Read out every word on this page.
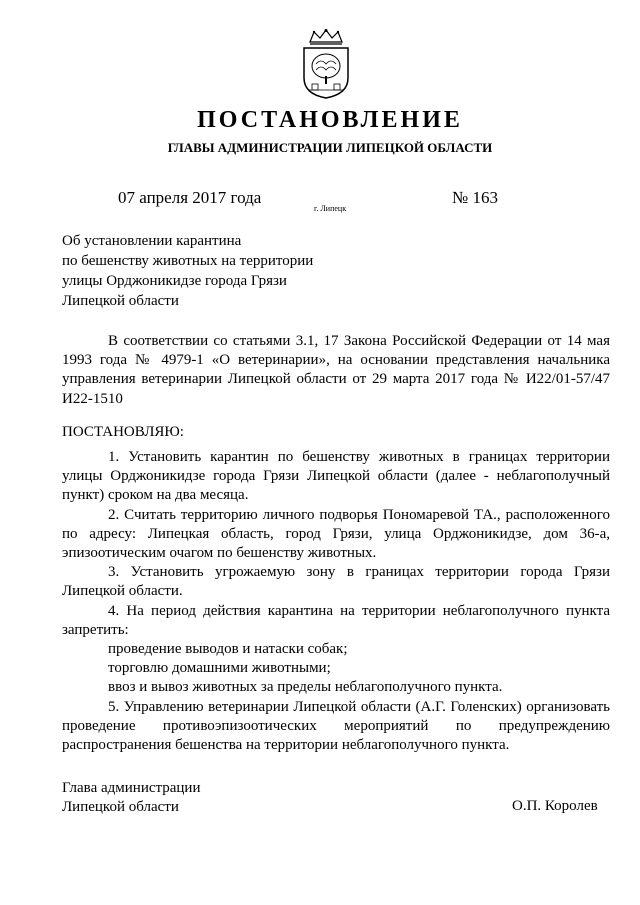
ПОСТАНОВЛЕНИЕ
ГЛАВЫ АДМИНИСТРАЦИИ ЛИПЕЦКОЙ ОБЛАСТИ
07 апреля 2017 года
г. Липецк
№ 163
Об установлении карантина
по бешенству животных на территории
улицы Орджоникидзе города Грязи
Липецкой области

В соответствии со статьями 3.1, 17 Закона Российской Федерации от 14 мая 1993 года № 4979-1 «О ветеринарии», на основании представления начальника управления ветеринарии Липецкой области от 29 марта 2017 года № И22/01-57/47 И22-1510

ПОСТАНОВЛЯЮ:

1. Установить карантин по бешенству животных в границах территории улицы Орджоникидзе города Грязи Липецкой области (далее - неблагополучный пункт) сроком на два месяца.

2. Считать территорию личного подворья Пономаревой ТА., расположенного по адресу: Липецкая область, город Грязи, улица Орджоникидзе, дом 36-а, эпизоотическим очагом по бешенству животных.

3. Установить угрожаемую зону в границах территории города Грязи Липецкой области.

4. На период действия карантина на территории неблагополучного пункта запретить:

проведение выводов и натаски собак;

торговлю домашними животными;

ввоз и вывоз животных за пределы неблагополучного пункта.

5. Управлению ветеринарии Липецкой области (А.Г. Голенских) организовать проведение противоэпизоотических мероприятий по предупреждению распространения бешенства на территории неблагополучного пункта.

Глава администрации
Липецкой области	О.П. Королев
